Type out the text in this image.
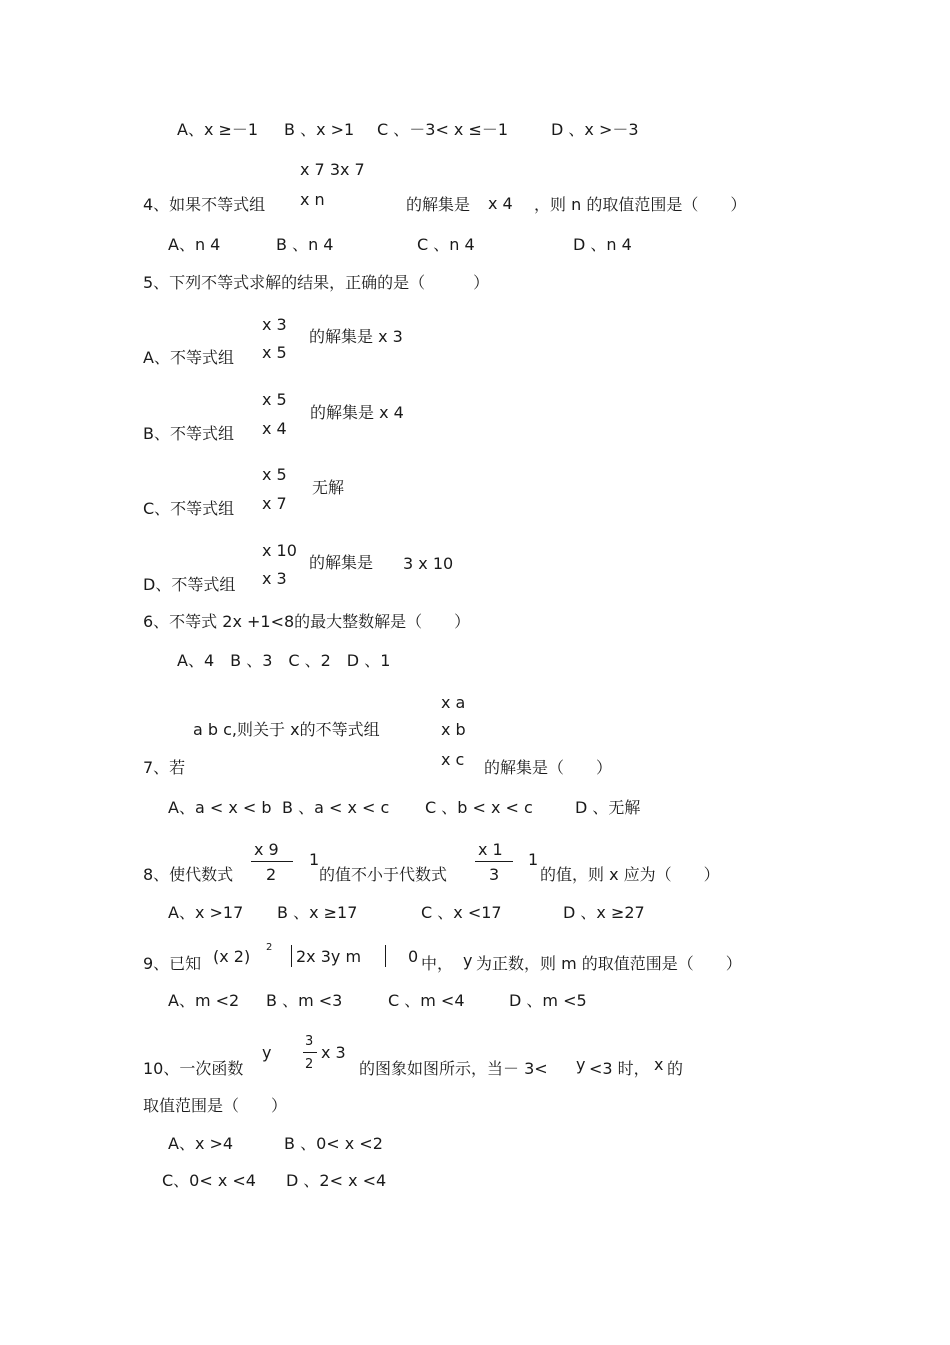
A、x ≥－1 B 、x >1 C 、－3< x ≤－1	D 、x >－3
x 7 3x 7
x n
4、如果不等式组	的解集是 x 4 ，则 n 的取值范围是（　　）
A、n 4	B 、n 4	C 、n 4	D 、n 4
5、下列不等式求解的结果，正确的是（　　　）
x 3
x 5
的解集是 x 3
A、不等式组
x 5
x 4
的解集是 x 4
B、不等式组
x 5
x 7
无解
C、不等式组
x 10
x 3
的解集是 3 x 10
D、不等式组
6、不等式 2x +1<8的最大整数解是（　　）
A、4　B 、3　C 、2　D 、1
x a
a b c,则关于 x的不等式组	x b
7、若	x c 的解集是（　　）
A、a < x < b B 、a < x < c C 、b < x < c	D 、无解
x 9
2
1
8、使代数式	的值不小于代数式
x 1
3
1
的值，则 x 应为（　　）
A、x >17 B 、x ≥17	C 、x <17	D 、x ≥27
9、已知 (x 2) 2 2x 3y m	0 中， y 为正数，则 m 的取值范围是（　　）
A、m <2 B 、m <3	C 、m <4	D 、m <5
y
3
2
x 3
10、一次函数	的图象如图所示，当－ 3< y <3 时， x 的
取值范围是（　　）
A、x >4	B 、0< x <2
C、0< x <4 D 、2< x <4
